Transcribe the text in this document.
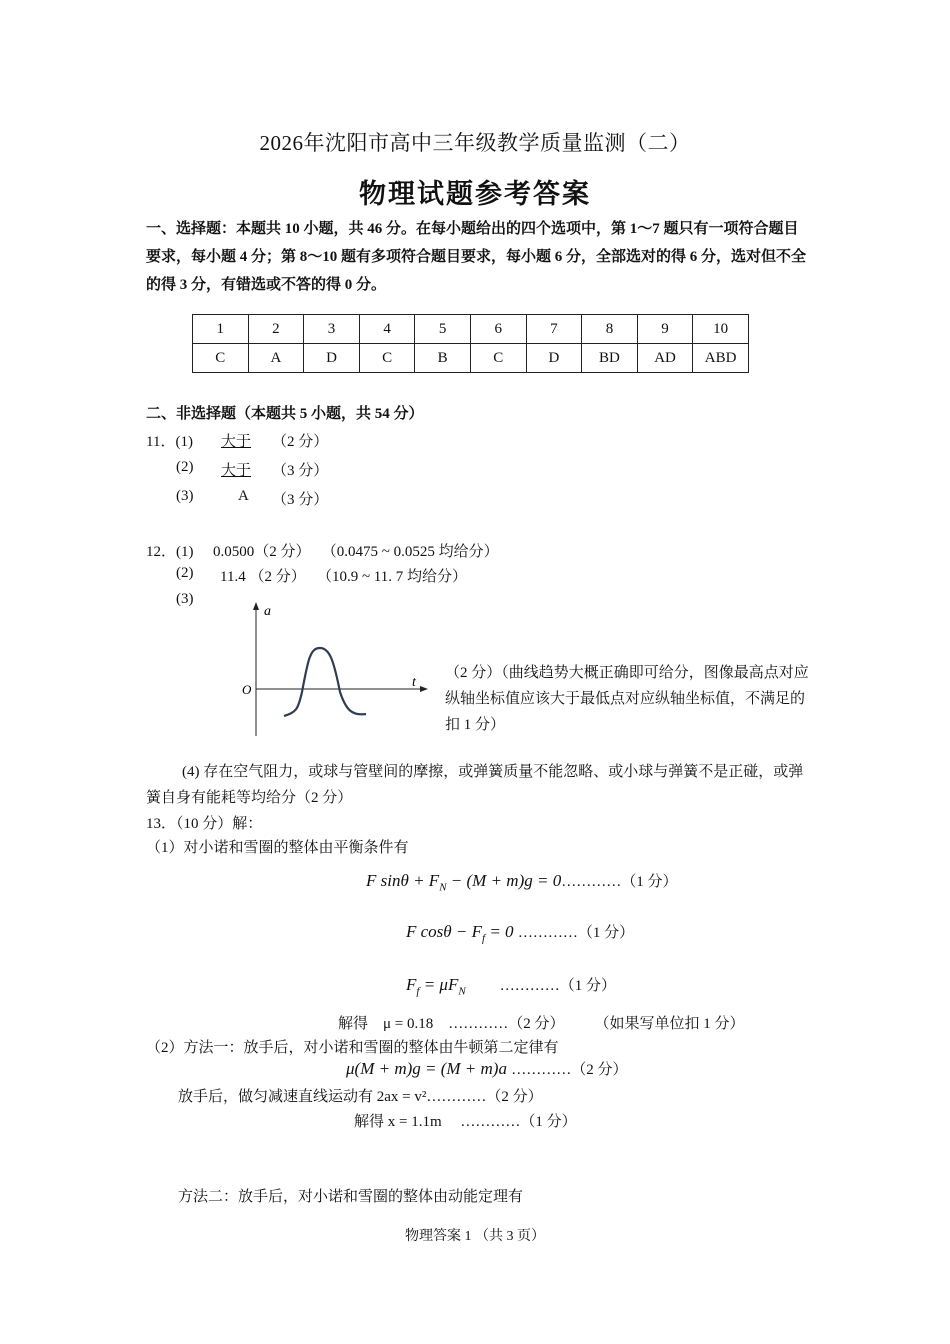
2026年沈阳市高中三年级教学质量监测（二）
物理试题参考答案
一、选择题：本题共 10 小题，共 46 分。在每小题给出的四个选项中，第 1～7 题只有一项符合题目要求，每小题 4 分；第 8～10 题有多项符合题目要求，每小题 6 分，全部选对的得 6 分，选对但不全的得 3 分，有错选或不答的得 0 分。
1	2	3	4	5	6	7	8	9	10
C	A	D	C	B	C	D	BD	AD	ABD
二、非选择题（本题共 5 小题，共 54 分）
11．(1)	大于	（2 分）
(2)	大于	（3 分）
(3)	A （3 分）
12．(1) 0.0500（2 分）　 （0.0475 ~ 0.0525 均给分）
(2) 11.4 （2 分）　 （10.9 ~ 11. 7 均给分）
(3)
a
t
O
（2 分）（曲线趋势大概正确即可给分，图像最高点对应纵轴坐标值应该大于最低点对应纵轴坐标值，不满足的扣 1 分）
(4) 存在空气阻力，或球与管壁间的摩擦，或弹簧质量不能忽略、或小球与弹簧不是正碰，或弹簧自身有能耗等均给分（2 分）
13．（10 分）解：
（1）对小诺和雪圈的整体由平衡条件有
F $\sin\theta + F_N - (M + m)g$ = 0…………（1 分）
F $\cos\theta - F_f = 0$ …………（1 分）
$F_f = \mu F_N$　　 …………（1 分）
解得　μ = 0.18　…………（2 分）　　　（如果写单位扣 1 分）
（2）方法一：放手后，对小诺和雪圈的整体由牛顿第二定律有
μ(M + m)g = (M + m)a …………（2 分）
放手后，做匀减速直线运动有 2ax = v²…………（2 分）
解得 x = 1.1m　 …………（1 分）
方法二：放手后，对小诺和雪圈的整体由动能定理有
物理答案 1 （共 3 页）
